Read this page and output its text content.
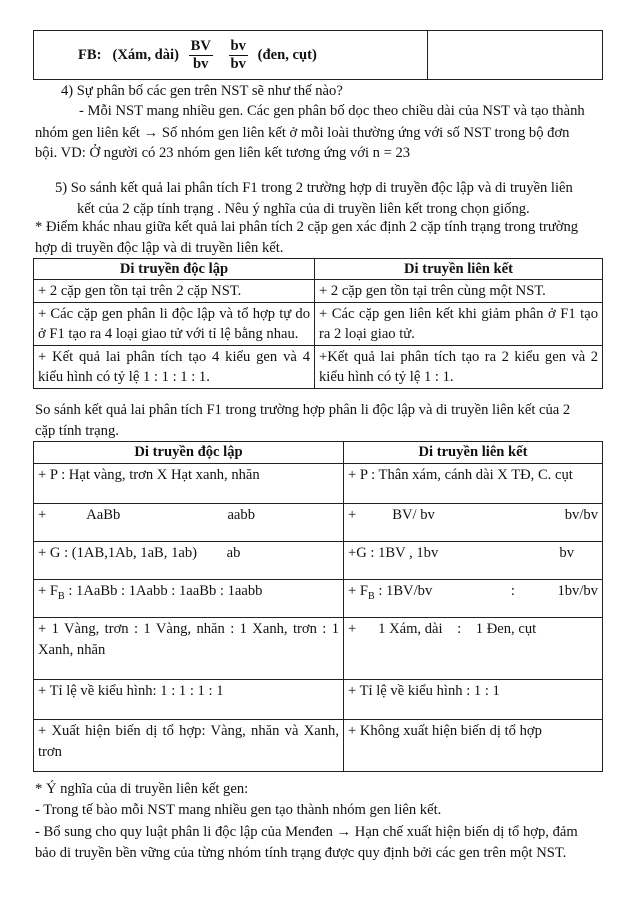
FB: (Xám, dài) $\frac{BV}{bv}$
$\frac{bv}{bv}$ (đen, cụt)	
4) Sự phân bố các gen trên NST sẽ như thế nào?
- Mỗi NST mang nhiều gen. Các gen phân bố dọc theo chiều dài của NST và tạo thành
nhóm gen liên kết → Số nhóm gen liên kết ở mỗi loài thường ứng với số NST trong bộ đơn
bội. VD: Ở người có 23 nhóm gen liên kết tương ứng với n = 23
5) So sánh kết quả lai phân tích F1 trong 2 trường hợp di truyền độc lập và di truyền liên
kết của 2 cặp tính trạng . Nêu ý nghĩa của di truyền liên kết trong chọn giống.
* Điểm khác nhau giữa kết quả lai phân tích 2 cặp gen xác định 2 cặp tính trạng trong trường
hợp di truyền độc lập và di truyền liên kết.
Di truyền độc lập	Di truyền liên kết
+ 2 cặp gen tồn tại trên 2 cặp NST.	+ 2 cặp gen tồn tại trên cùng một NST.
+ Các cặp gen phân li độc lập và tổ hợp tự do ở F1 tạo ra 4 loại giao tử với tỉ lệ bằng nhau.	+ Các cặp gen liên kết khi giảm phân ở F1 tạo ra 2 loại giao tử.
+ Kết quả lai phân tích tạo 4 kiểu gen và 4 kiểu hình có tỷ lệ 1 : 1 : 1 : 1.	+Kết quả lai phân tích tạo ra 2 kiểu gen và 2 kiểu hình có tỷ lệ 1 : 1.
So sánh kết quả lai phân tích F1 trong trường hợp phân li độc lập và di truyền liên kết của 2
cặp tính trạng.
Di truyền độc lập	Di truyền liên kết
+ P : Hạt vàng, trơn X Hạt xanh, nhăn	+ P : Thân xám, cánh dài X TĐ, C. cụt

+ AaBb aabb	+ BV/ bv bv/bv

+ G : (1AB,1Ab, 1aB, 1ab) ab	+G : 1BV , 1bv bv

+ $F_B$ : 1AaBb : 1Aabb : 1aaBb : 1aabb	+ $F_B$ : 1BV/bv : 1bv/bv

+ 1 Vàng, trơn : 1 Vàng, nhăn : 1 Xanh, trơn : 1 Xanh, nhăn	+      1 Xám, dài    :    1 Đen, cụt
+ Tỉ lệ về kiểu hình: 1 : 1 : 1 : 1	+ Tỉ lệ về kiểu hình : 1 : 1
+ Xuất hiện biến dị tổ hợp: Vàng, nhăn và Xanh, trơn	+ Không xuất hiện biến dị tổ hợp
* Ý nghĩa của di truyền liên kết gen:
- Trong tế bào mỗi NST mang nhiều gen tạo thành nhóm gen liên kết.
- Bổ sung cho quy luật phân li độc lập của Menđen → Hạn chế xuất hiện biến dị tổ hợp, đảm
bảo di truyền bền vững của từng nhóm tính trạng được quy định bởi các gen trên một NST.
